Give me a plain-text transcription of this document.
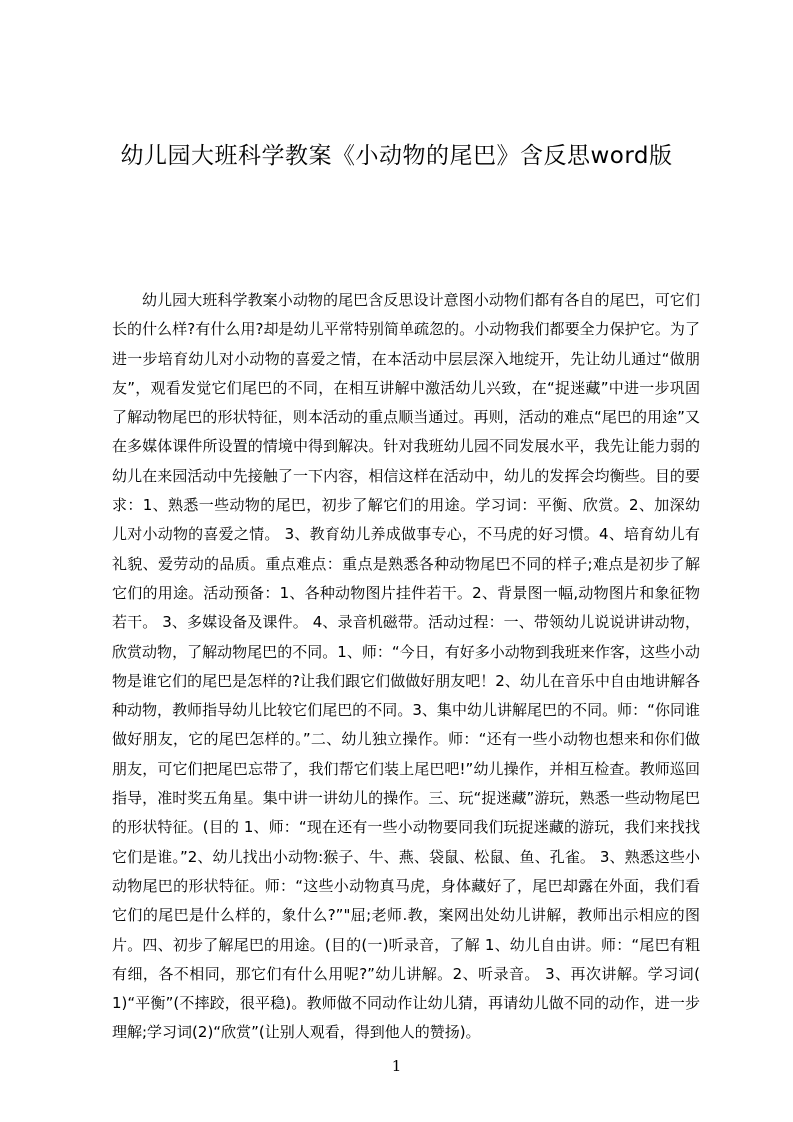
幼儿园大班科学教案《小动物的尾巴》含反思word版

幼儿园大班科学教案小动物的尾巴含反思设计意图小动物们都有各自的尾巴，可它们长的什么样?有什么用?却是幼儿平常特别简单疏忽的。小动物我们都要全力保护它。为了进一步培育幼儿对小动物的喜爱之情，在本活动中层层深入地绽开，先让幼儿通过“做朋友”，观看发觉它们尾巴的不同，在相互讲解中激活幼儿兴致，在“捉迷藏”中进一步巩固了解动物尾巴的形状特征，则本活动的重点顺当通过。再则，活动的难点“尾巴的用途”又在多媒体课件所设置的情境中得到解决。针对我班幼儿园不同发展水平，我先让能力弱的幼儿在来园活动中先接触了一下内容，相信这样在活动中，幼儿的发挥会均衡些。目的要求：1、熟悉一些动物的尾巴，初步了解它们的用途。学习词：平衡、欣赏。2、加深幼儿对小动物的喜爱之情。 3、教育幼儿养成做事专心，不马虎的好习惯。4、培育幼儿有礼貌、爱劳动的品质。重点难点：重点是熟悉各种动物尾巴不同的样子;难点是初步了解它们的用途。活动预备：1、各种动物图片挂件若干。2、背景图一幅,动物图片和象征物若干。 3、多媒设备及课件。 4、录音机磁带。活动过程：一、带领幼儿说说讲讲动物，欣赏动物，了解动物尾巴的不同。1、师：“今日，有好多小动物到我班来作客，这些小动物是谁它们的尾巴是怎样的?让我们跟它们做做好朋友吧！2、幼儿在音乐中自由地讲解各种动物，教师指导幼儿比较它们尾巴的不同。3、集中幼儿讲解尾巴的不同。师：“你同谁做好朋友，它的尾巴怎样的。”二、幼儿独立操作。师：“还有一些小动物也想来和你们做朋友，可它们把尾巴忘带了，我们帮它们装上尾巴吧!”幼儿操作，并相互检查。教师巡回指导，准时奖五角星。集中讲一讲幼儿的操作。三、玩“捉迷藏”游玩，熟悉一些动物尾巴的形状特征。(目的 1、师：“现在还有一些小动物要同我们玩捉迷藏的游玩，我们来找找它们是谁。”2、幼儿找出小动物:猴子、牛、燕、袋鼠、松鼠、鱼、孔雀。 3、熟悉这些小动物尾巴的形状特征。师：“这些小动物真马虎，身体藏好了，尾巴却露在外面，我们看它们的尾巴是什么样的，象什么?”"屈;老师.教，案网出处幼儿讲解，教师出示相应的图片。四、初步了解尾巴的用途。(目的(一)听录音，了解 1、幼儿自由讲。师：“尾巴有粗有细，各不相同，那它们有什么用呢?”幼儿讲解。2、听录音。 3、再次讲解。学习词( 1)“平衡”(不摔跤，很平稳)。教师做不同动作让幼儿猜，再请幼儿做不同的动作，进一步理解;学习词(2)“欣赏”(让别人观看，得到他人的赞扬)。

1
